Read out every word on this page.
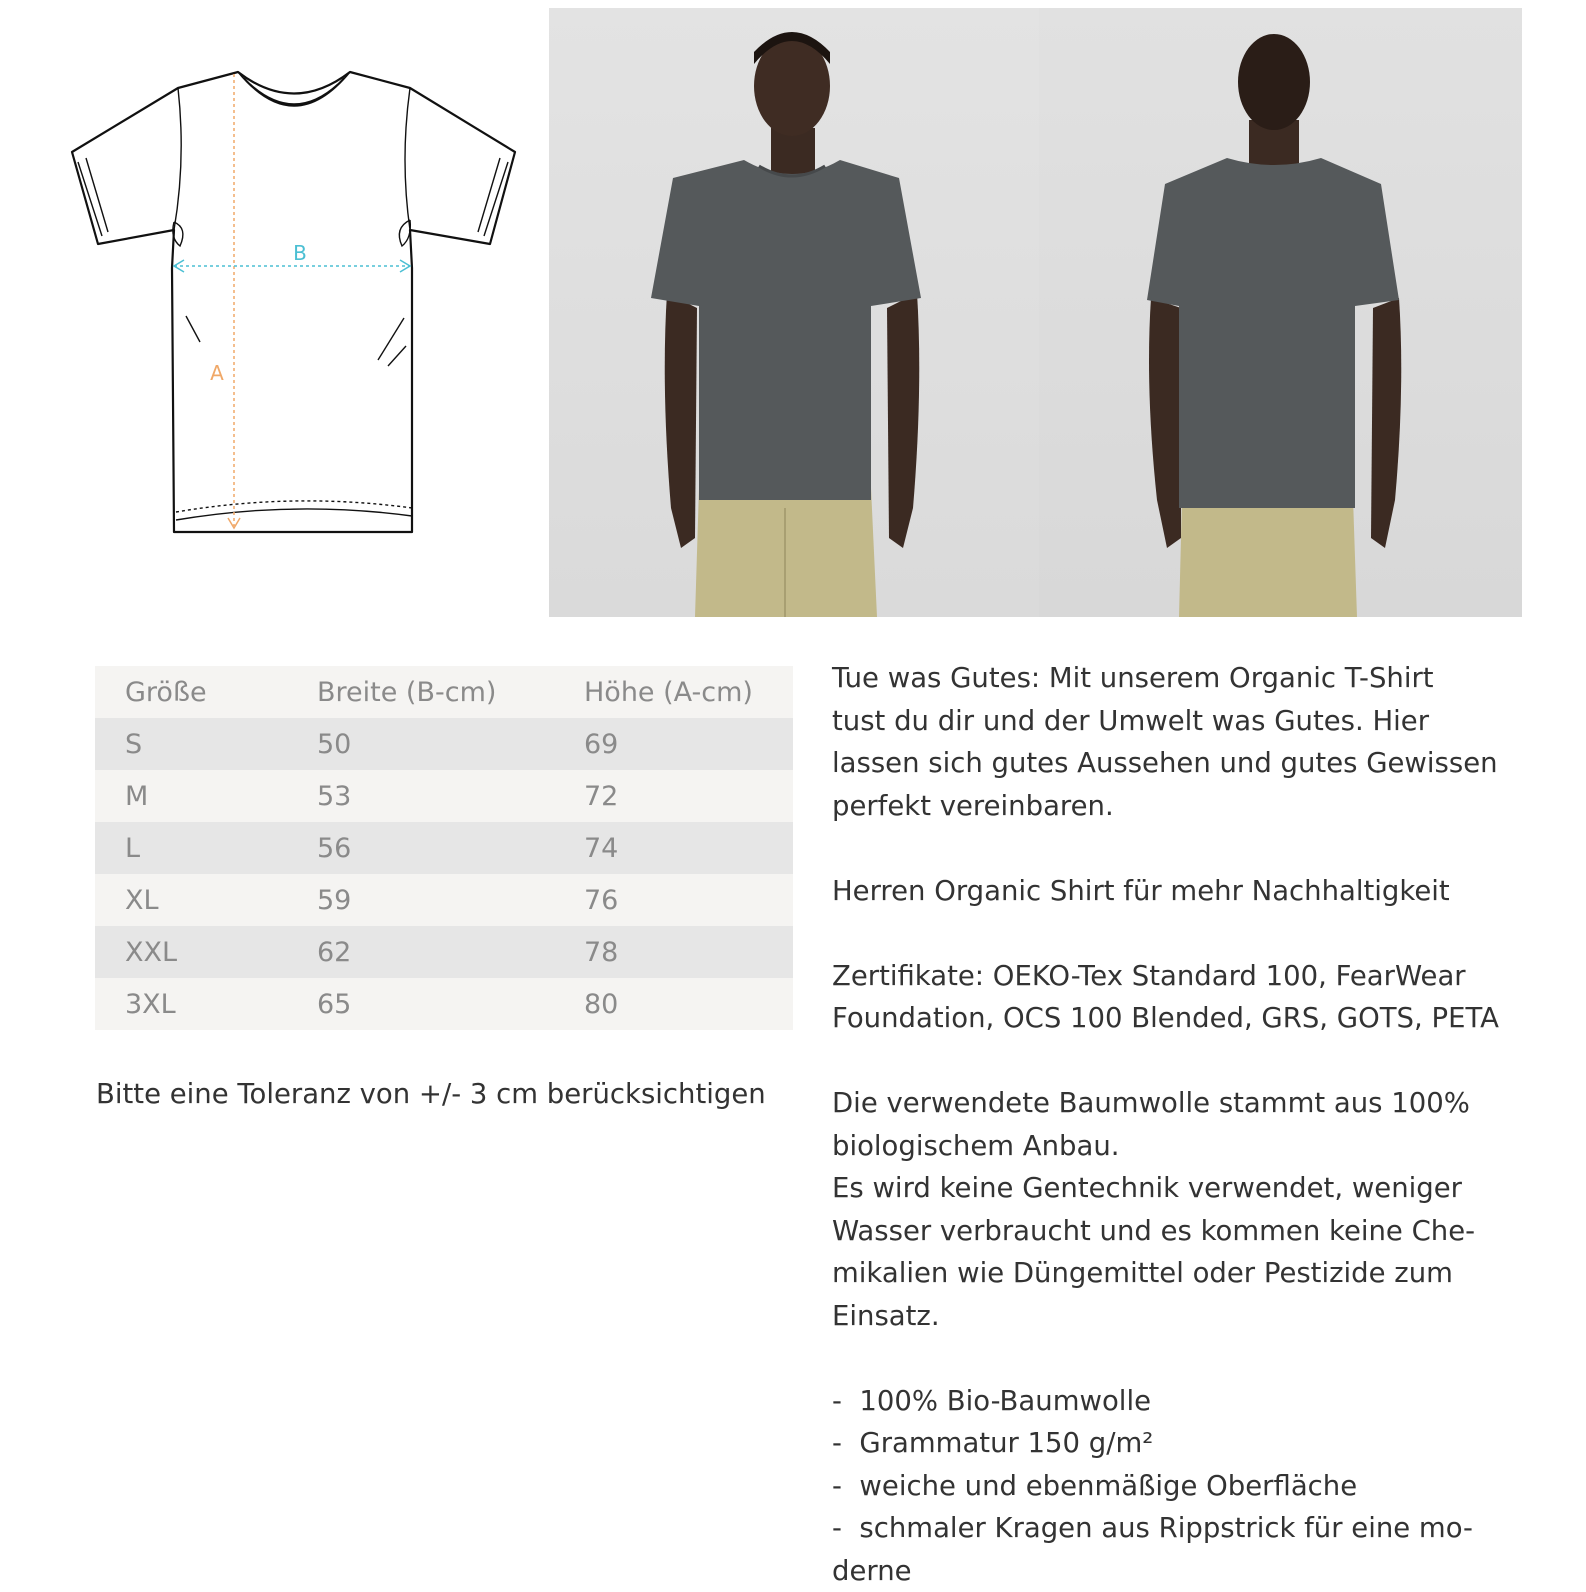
B
A
Größe	Breite (B-cm)	Höhe (A-cm)
S	50	69
M	53	72
L	56	74
XL	59	76
XXL	62	78
3XL	65	80
Bitte eine Toleranz von +/- 3 cm berücksichtigen

Tue was Gutes: Mit unserem Organic T-Shirt
tust du dir und der Umwelt was Gutes. Hier
lassen sich gutes Aussehen und gutes Gewissen
perfekt vereinbaren.

Herren Organic Shirt für mehr Nachhaltigkeit

Zertifikate: OEKO-Tex Standard 100, FearWear
Foundation, OCS 100 Blended, GRS, GOTS, PETA

Die verwendete Baumwolle stammt aus 100%
biologischem Anbau.
Es wird keine Gentechnik verwendet, weniger
Wasser verbraucht und es kommen keine Che-
mikalien wie Düngemittel oder Pestizide zum
Einsatz.

- 100% Bio-Baumwolle
- Grammatur 150 g/m²
- weiche und ebenmäßige Oberfläche
- schmaler Kragen aus Rippstrick für eine mo-

derne
